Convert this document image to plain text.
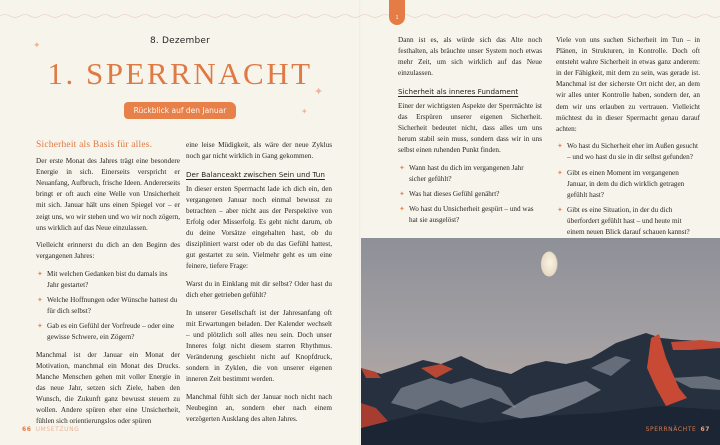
✦
✦
✦
8. Dezember
1. SPERRNACHT
Rückblick auf den Januar
Sicherheit als Basis für alles.

Der erste Monat des Jahres trägt eine besondere Energie in sich. Einerseits verspricht er Neuanfang, Aufbruch, frische Ideen. Andererseits bringt er oft auch eine Welle von Unsicherheit mit sich. Januar hält uns einen Spiegel vor – er zeigt uns, wo wir stehen und wo wir noch zögern, uns wirklich auf das Neue einzulassen.

Vielleicht erinnerst du dich an den Beginn des vergangenen Jahres:

✦ Mit welchen Gedanken bist du damals ins Jahr gestartet?
✦ Welche Hoffnungen oder Wünsche hattest du für dich selbst?
✦ Gab es ein Gefühl der Vorfreude – oder eine gewisse Schwere, ein Zögern?

Manchmal ist der Januar ein Monat der Motivation, manchmal ein Monat des Drucks. Manche Menschen gehen mit voller Energie in das neue Jahr, setzen sich Ziele, haben den Wunsch, die Zukunft ganz bewusst steuern zu wollen. Andere spüren eher eine Unsicherheit, fühlen sich orientierungslos oder spüren

eine leise Müdigkeit, als wäre der neue Zyklus noch gar nicht wirklich in Gang gekommen.

Der Balanceakt zwischen Sein und Tun

In dieser ersten Sperrnacht lade ich dich ein, den vergangenen Januar noch einmal bewusst zu betrachten – aber nicht aus der Perspektive von Erfolg oder Misserfolg. Es geht nicht darum, ob du deine Vorsätze eingehalten hast, ob du diszipliniert warst oder ob du das Gefühl hattest, gut gestartet zu sein. Vielmehr geht es um eine feinere, tiefere Frage:

Warst du in Einklang mit dir selbst? Oder hast du dich eher getrieben gefühlt?

In unserer Gesellschaft ist der Jahresanfang oft mit Erwartungen beladen. Der Kalender wechselt – und plötzlich soll alles neu sein. Doch unser Inneres folgt nicht diesem starren Rhythmus. Veränderung geschieht nicht auf Knopfdruck, sondern in Zyklen, die von unserer eigenen inneren Zeit bestimmt werden.

Manchmal fühlt sich der Januar noch nicht nach Neubeginn an, sondern eher nach einem verzögerten Ausklang des alten Jahres.

66 UMSETZUNG
1

Dann ist es, als würde sich das Alte noch festhalten, als bräuchte unser System noch etwas mehr Zeit, um sich wirklich auf das Neue einzulassen.

Sicherheit als inneres Fundament

Einer der wichtigsten Aspekte der Sperrnächte ist das Erspüren unserer eigenen Sicherheit. Sicherheit bedeutet nicht, dass alles um uns herum stabil sein muss, sondern dass wir in uns selbst einen ruhenden Punkt finden.

✦ Wann hast du dich im vergangenen Jahr sicher gefühlt?
✦ Was hat dieses Gefühl genährt?
✦ Wo hast du Unsicherheit gespürt – und was hat sie ausgelöst?

Viele von uns suchen Sicherheit im Tun – in Plänen, in Strukturen, in Kontrolle. Doch oft entsteht wahre Sicherheit in etwas ganz anderem: in der Fähigkeit, mit dem zu sein, was gerade ist. Manchmal ist der sicherste Ort nicht der, an dem wir alles unter Kontrolle haben, sondern der, an dem wir uns erlauben zu vertrauen. Vielleicht möchtest du in dieser Sperrnacht genau darauf achten:

✦ Wo hast du Sicherheit eher im Außen gesucht – und wo hast du sie in dir selbst gefunden?
✦ Gibt es einen Moment im vergangenen Januar, in dem du dich wirklich getragen gefühlt hast?
✦ Gibt es eine Situation, in der du dich überfordert gefühlt hast – und heute mit einem neuen Blick darauf schauen kannst?
SPERRNÄCHTE 67
